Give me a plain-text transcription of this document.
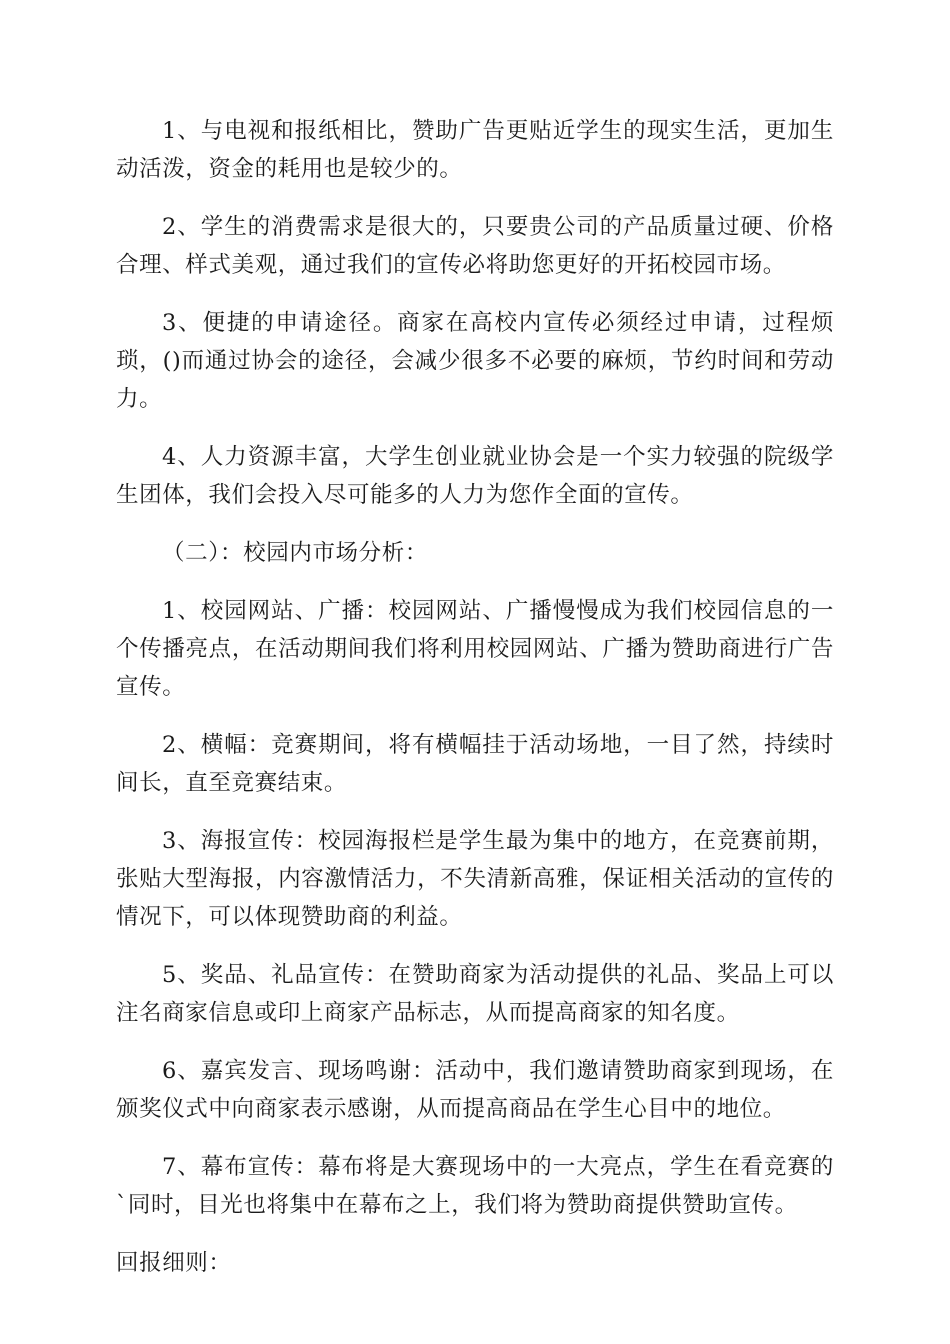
1、与电视和报纸相比，赞助广告更贴近学生的现实生活，更加生动活泼，资金的耗用也是较少的。

2、学生的消费需求是很大的，只要贵公司的产品质量过硬、价格合理、样式美观，通过我们的宣传必将助您更好的开拓校园市场。

3、便捷的申请途径。商家在高校内宣传必须经过申请，过程烦琐，()而通过协会的途径，会减少很多不必要的麻烦，节约时间和劳动力。

4、人力资源丰富，大学生创业就业协会是一个实力较强的院级学生团体，我们会投入尽可能多的人力为您作全面的宣传。

（二）：校园内市场分析：

1、校园网站、广播：校园网站、广播慢慢成为我们校园信息的一个传播亮点，在活动期间我们将利用校园网站、广播为赞助商进行广告宣传。

2、横幅：竞赛期间，将有横幅挂于活动场地，一目了然，持续时间长，直至竞赛结束。

3、海报宣传：校园海报栏是学生最为集中的地方，在竞赛前期，张贴大型海报，内容激情活力，不失清新高雅，保证相关活动的宣传的情况下，可以体现赞助商的利益。

5、奖品、礼品宣传：在赞助商家为活动提供的礼品、奖品上可以注名商家信息或印上商家产品标志，从而提高商家的知名度。

6、嘉宾发言、现场鸣谢：活动中，我们邀请赞助商家到现场，在颁奖仪式中向商家表示感谢，从而提高商品在学生心目中的地位。

7、幕布宣传：幕布将是大赛现场中的一大亮点，学生在看竞赛的`同时，目光也将集中在幕布之上，我们将为赞助商提供赞助宣传。

回报细则：
